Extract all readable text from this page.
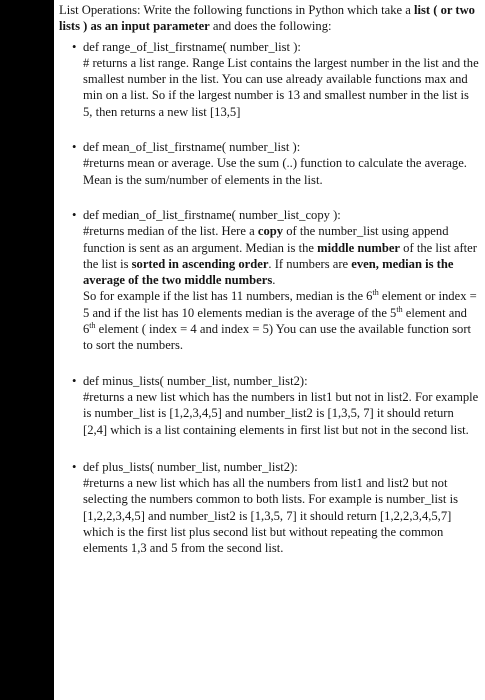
List Operations: Write the following functions in Python which take a list ( or two lists ) as an input parameter and does the following:

• def range_of_list_firstname( number_list ):

# returns a list range. Range List contains the largest number in the list and the smallest number in the list. You can use already available functions max and min on a list. So if the largest number is 13 and smallest number in the list is 5, then returns a new list [13,5]

• def mean_of_list_firstname( number_list ):

#returns mean or average. Use the sum (..) function to calculate the average. Mean is the sum/number of elements in the list.

• def median_of_list_firstname( number_list_copy ):

#returns median of the list. Here a copy of the number_list using append function is sent as an argument. Median is the middle number of the list after the list is sorted in ascending order. If numbers are even, median is the average of the two middle numbers.

So for example if the list has 11 numbers, median is the 6th element or index = 5 and if the list has 10 elements median is the average of the 5th element and 6th element ( index = 4 and index = 5) You can use the available function sort to sort the numbers.

• def minus_lists( number_list, number_list2):

#returns a new list which has the numbers in list1 but not in list2. For example is number_list is [1,2,3,4,5] and number_list2 is [1,3,5, 7] it should return [2,4] which is a list containing elements in first list but not in the second list.

• def plus_lists( number_list, number_list2):

#returns a new list which has all the numbers from list1 and list2 but not selecting the numbers common to both lists. For example is number_list is [1,2,2,3,4,5] and number_list2 is [1,3,5, 7] it should return [1,2,2,3,4,5,7] which is the first list plus second list but without repeating the common elements 1,3 and 5 from the second list.
